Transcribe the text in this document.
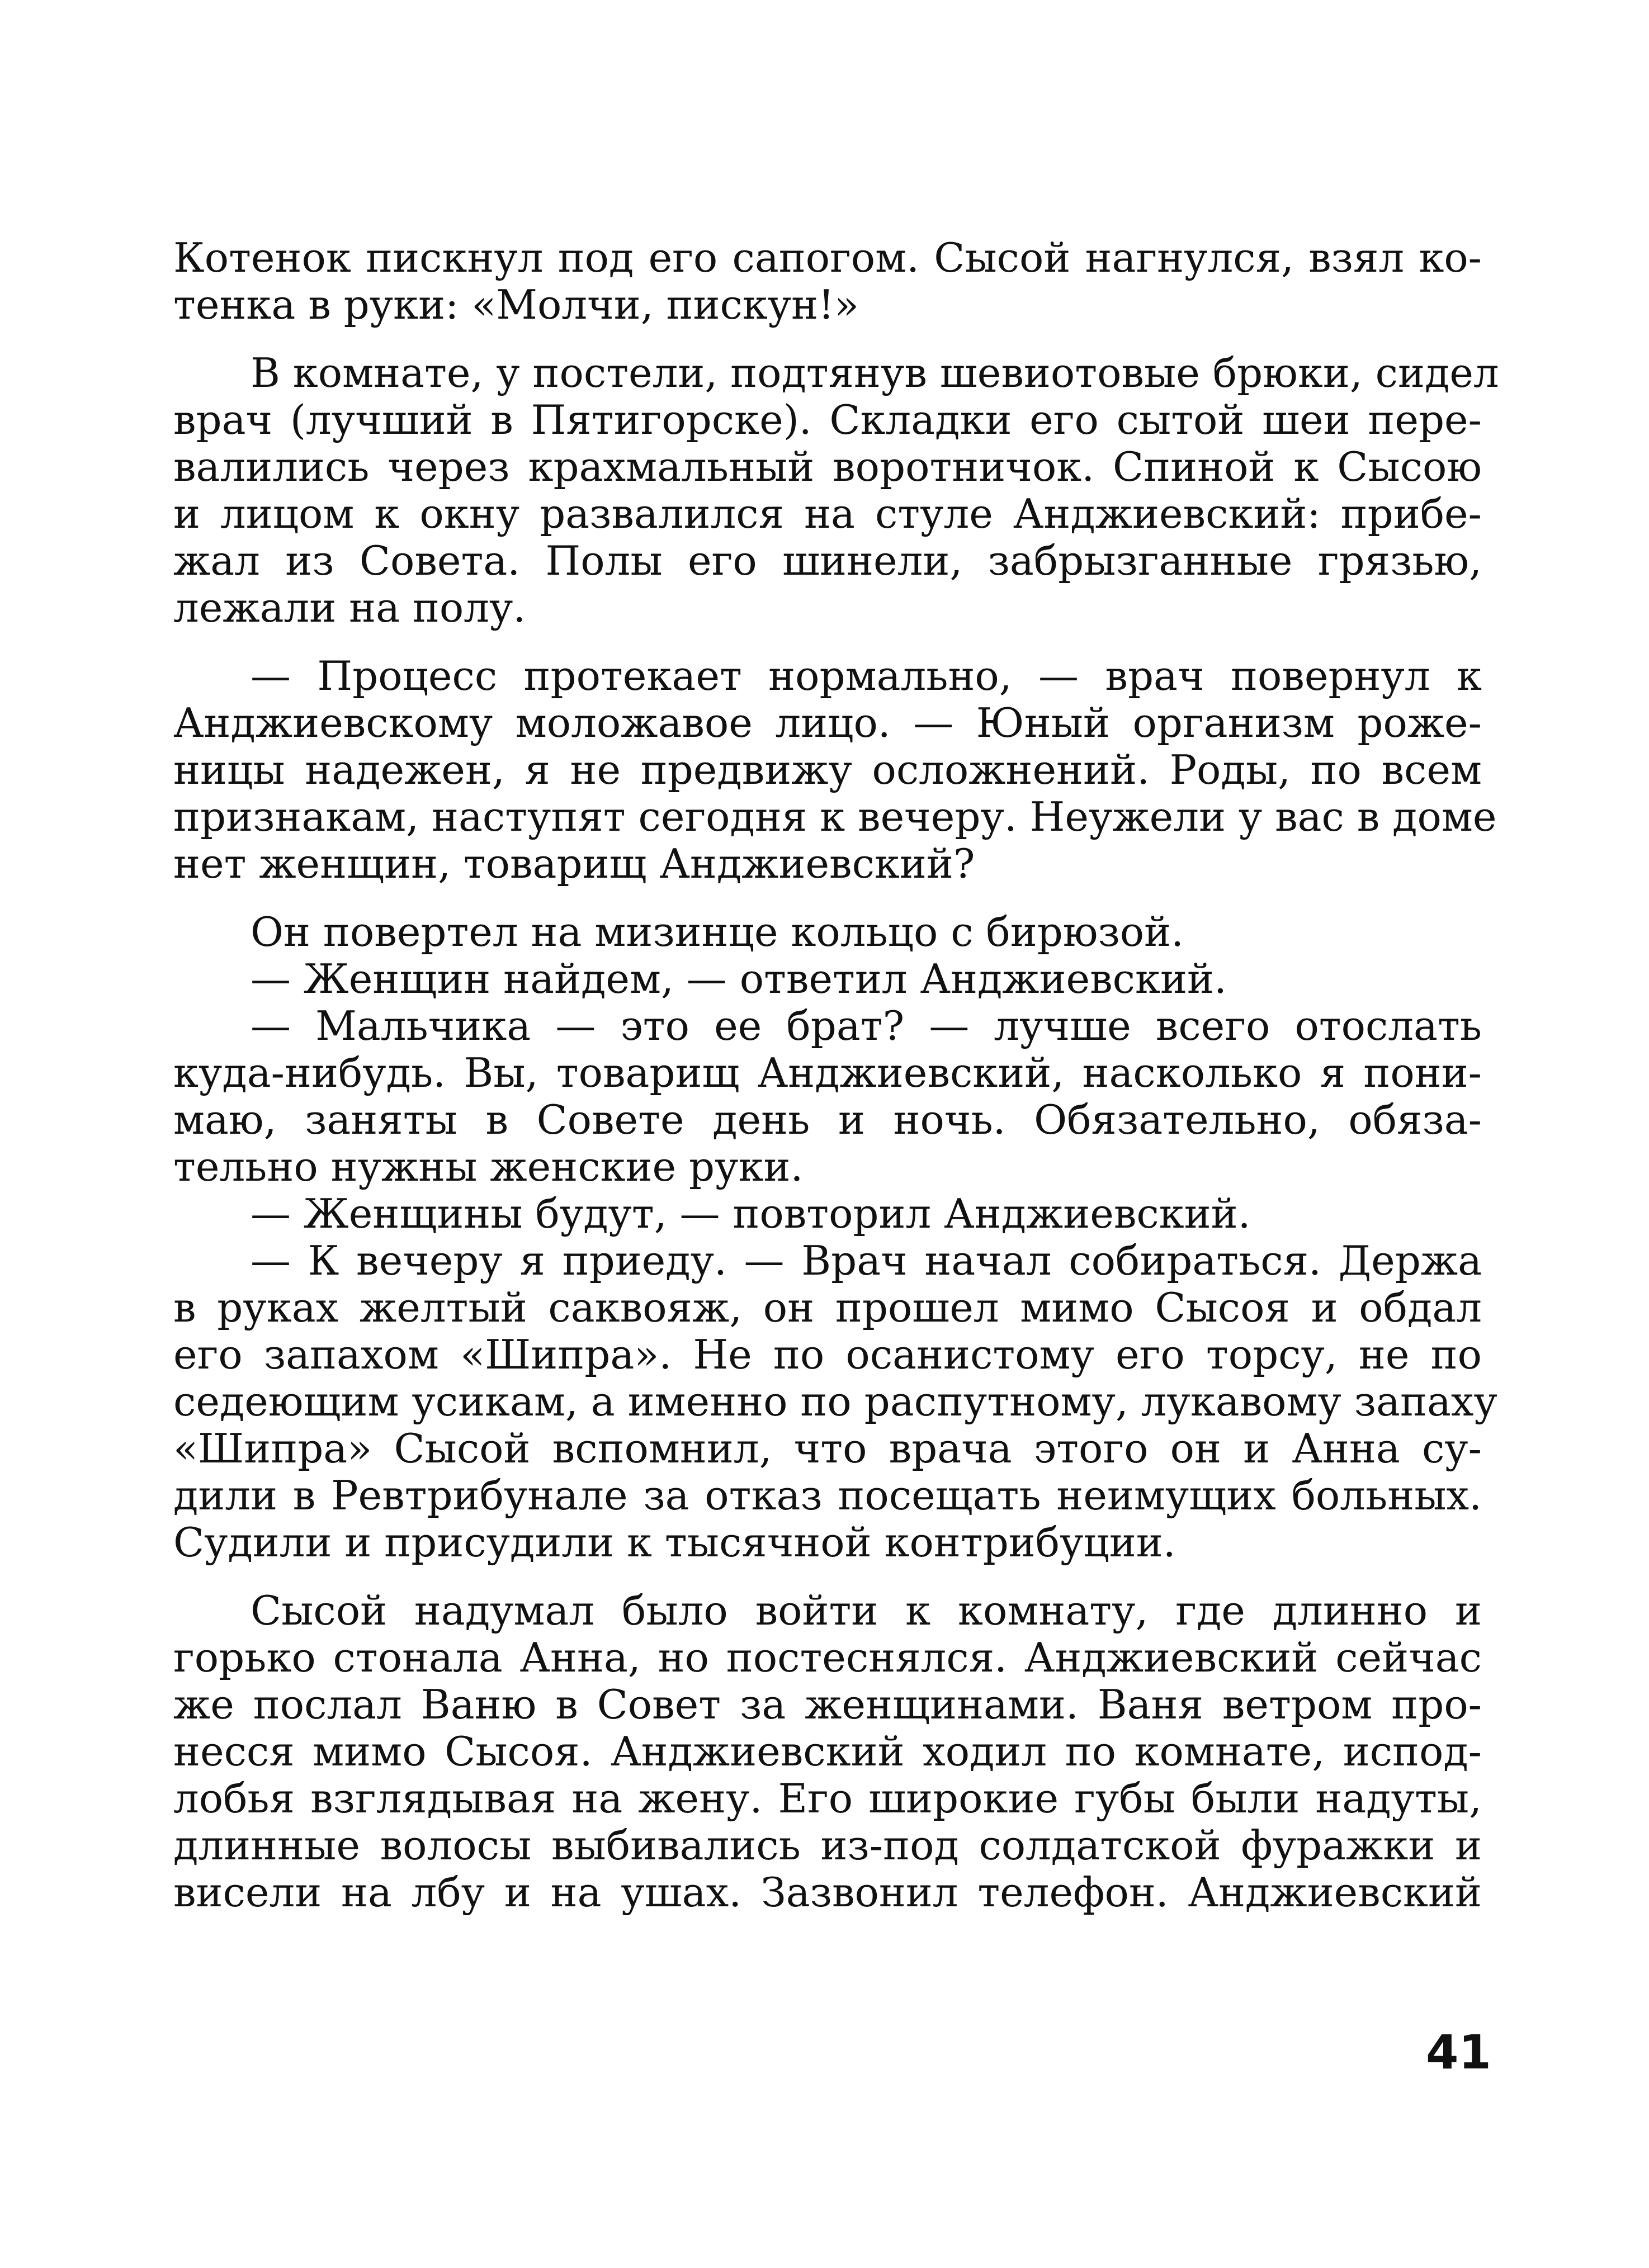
Котенок пискнул под его сапогом. Сысой нагнулся, взял ко-
тенка в руки: «Молчи, пискун!»
В комнате, у постели, подтянув шевиотовые брюки, сидел
врач (лучший в Пятигорске). Складки его сытой шеи пере-
валились через крахмальный воротничок. Спиной к Сысою
и лицом к окну развалился на стуле Анджиевский: прибе-
жал из Совета. Полы его шинели, забрызганные грязью,
лежали на полу.
— Процесс протекает нормально, — врач повернул к
Анджиевскому моложавое лицо. — Юный организм роже-
ницы надежен, я не предвижу осложнений. Роды, по всем
признакам, наступят сегодня к вечеру. Неужели у вас в доме
нет женщин, товарищ Анджиевский?
Он повертел на мизинце кольцо с бирюзой.
— Женщин найдем, — ответил Анджиевский.
— Мальчика — это ее брат? — лучше всего отослать
куда-нибудь. Вы, товарищ Анджиевский, насколько я пони-
маю, заняты в Совете день и ночь. Обязательно, обяза-
тельно нужны женские руки.
— Женщины будут, — повторил Анджиевский.
— К вечеру я приеду. — Врач начал собираться. Держа
в руках желтый саквояж, он прошел мимо Сысоя и обдал
его запахом «Шипра». Не по осанистому его торсу, не по
седеющим усикам, а именно по распутному, лукавому запаху
«Шипра» Сысой вспомнил, что врача этого он и Анна су-
дили в Ревтрибунале за отказ посещать неимущих больных.
Судили и присудили к тысячной контрибуции.
Сысой надумал было войти к комнату, где длинно и
горько стонала Анна, но постеснялся. Анджиевский сейчас
же послал Ваню в Совет за женщинами. Ваня ветром про-
несся мимо Сысоя. Анджиевский ходил по комнате, испод-
лобья взглядывая на жену. Его широкие губы были надуты,
длинные волосы выбивались из-под солдатской фуражки и
висели на лбу и на ушах. Зазвонил телефон. Анджиевский
41
